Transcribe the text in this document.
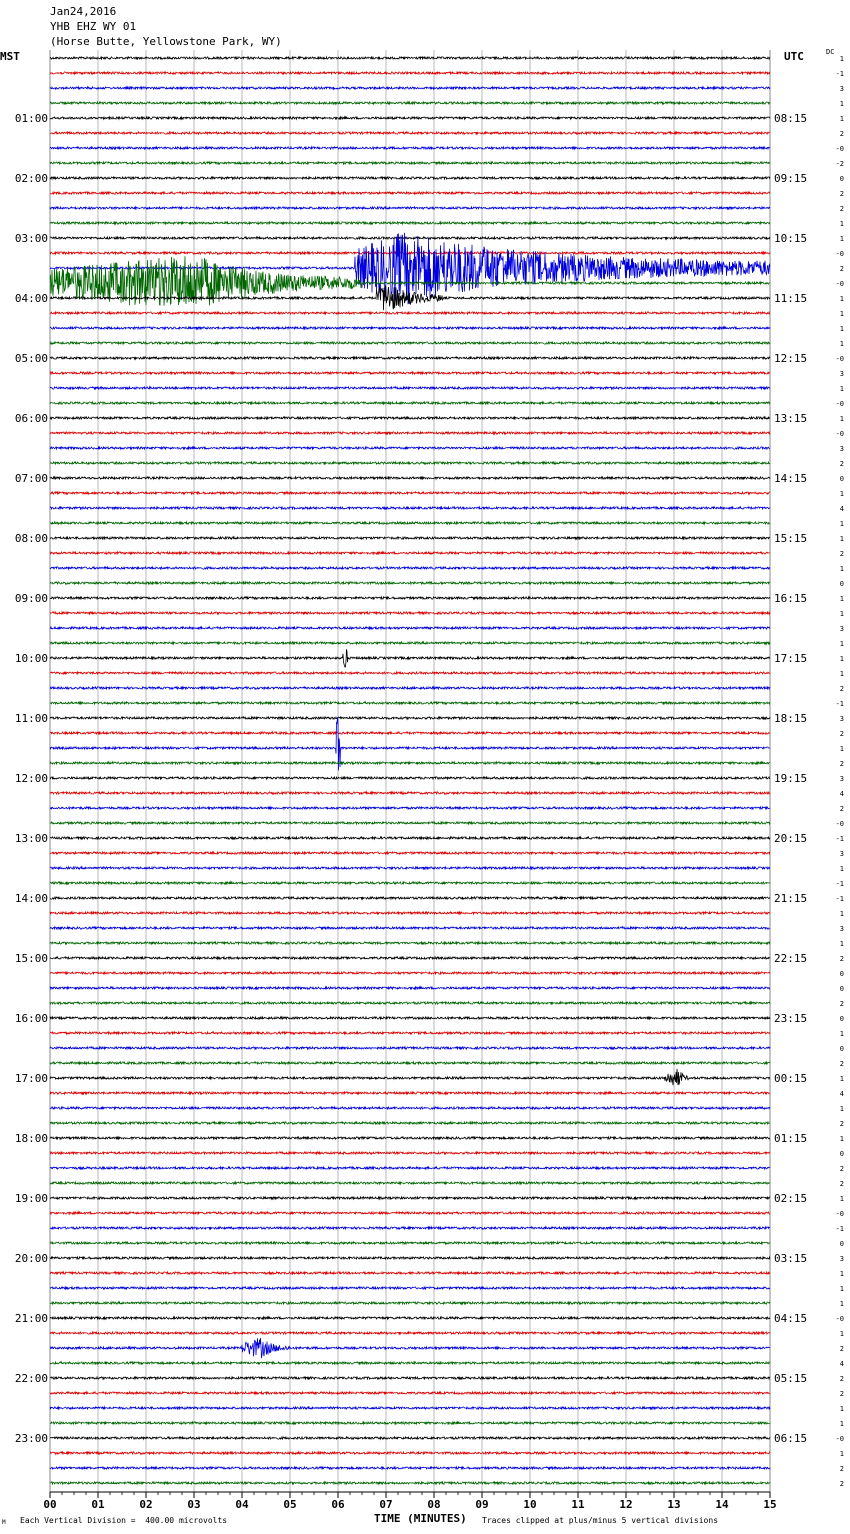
Jan24,2016
YHB EHZ WY 01
(Horse Butte, Yellowstone Park, WY)
MST	UTC	DC
00	01	02	03	04	05	06	07	08	09	10	11	12	13	14	15
01:00
02:00
03:00
04:00
05:00
06:00
07:00
08:00
09:00
10:00
11:00
12:00
13:00
14:00
15:00
16:00
17:00
18:00
19:00
20:00
21:00
22:00
23:00
08:15
09:15
10:15
11:15
12:15
13:15
14:15
15:15
16:15
17:15
18:15
19:15
20:15
21:15
22:15
23:15
00:15
01:15
02:15
03:15
04:15
05:15
06:15
1
-1
3
1
1
2
-0
-2
0
2
2
1
1
-0
2
-0
1
1
1
1
-0
3
1
-0
1
-0
3
2
0
1
4
1
1
2
1
0
1
1
3
1
1
1
2
-1
3
2
1
2
3
4
2
-0
-1
3
1
-1
-1
1
3
1
2
0
0
2
0
1
0
2
1
4
1
2
1
0
2
2
1
-0
-1
0
3
1
1
1
-0
1
2
4
2
2
1
1
-0
1
2
2
TIME (MINUTES)
M Each Vertical Division =  400.00 microvolts	Traces clipped at plus/minus 5 vertical divisions
